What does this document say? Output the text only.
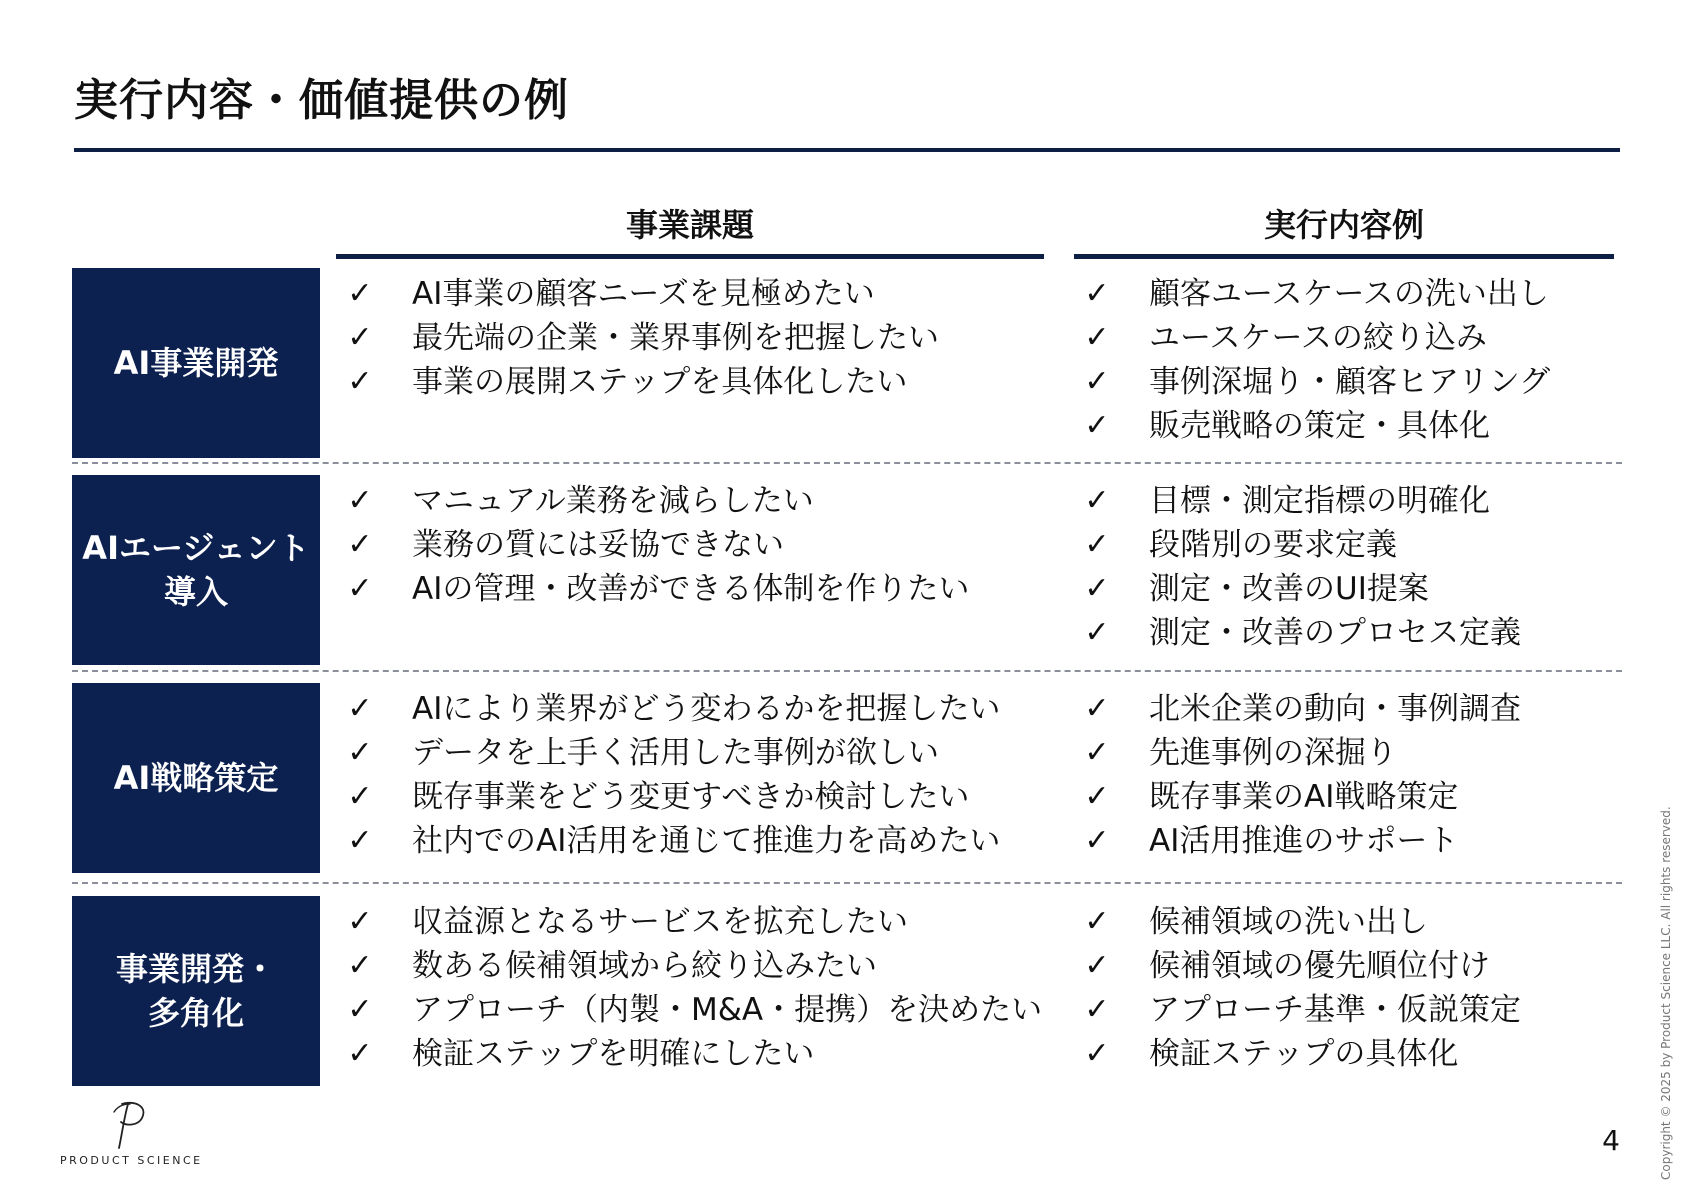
実行内容・価値提供の例
事業課題	実行内容例
AI事業開発
✓ AI事業の顧客ニーズを見極めたい
✓ 最先端の企業・業界事例を把握したい
✓ 事業の展開ステップを具体化したい
✓ 顧客ユースケースの洗い出し
✓ ユースケースの絞り込み
✓ 事例深堀り・顧客ヒアリング
✓ 販売戦略の策定・具体化
AIエージェント
導入
✓ マニュアル業務を減らしたい
✓ 業務の質には妥協できない
✓ AIの管理・改善ができる体制を作りたい
✓ 目標・測定指標の明確化
✓ 段階別の要求定義
✓ 測定・改善のUI提案
✓ 測定・改善のプロセス定義
AI戦略策定
✓ AIにより業界がどう変わるかを把握したい
✓ データを上手く活用した事例が欲しい
✓ 既存事業をどう変更すべきか検討したい
✓ 社内でのAI活用を通じて推進力を高めたい
✓ 北米企業の動向・事例調査
✓ 先進事例の深掘り
✓ 既存事業のAI戦略策定
✓ AI活用推進のサポート
事業開発・
多角化
✓ 収益源となるサービスを拡充したい
✓ 数ある候補領域から絞り込みたい
✓ アプローチ（内製・M&A・提携）を決めたい
✓ 検証ステップを明確にしたい
✓ 候補領域の洗い出し
✓ 候補領域の優先順位付け
✓ アプローチ基準・仮説策定
✓ 検証ステップの具体化
PRODUCT SCIENCE
4	Copyright © 2025 by Product Science LLC. All rights reserved.
